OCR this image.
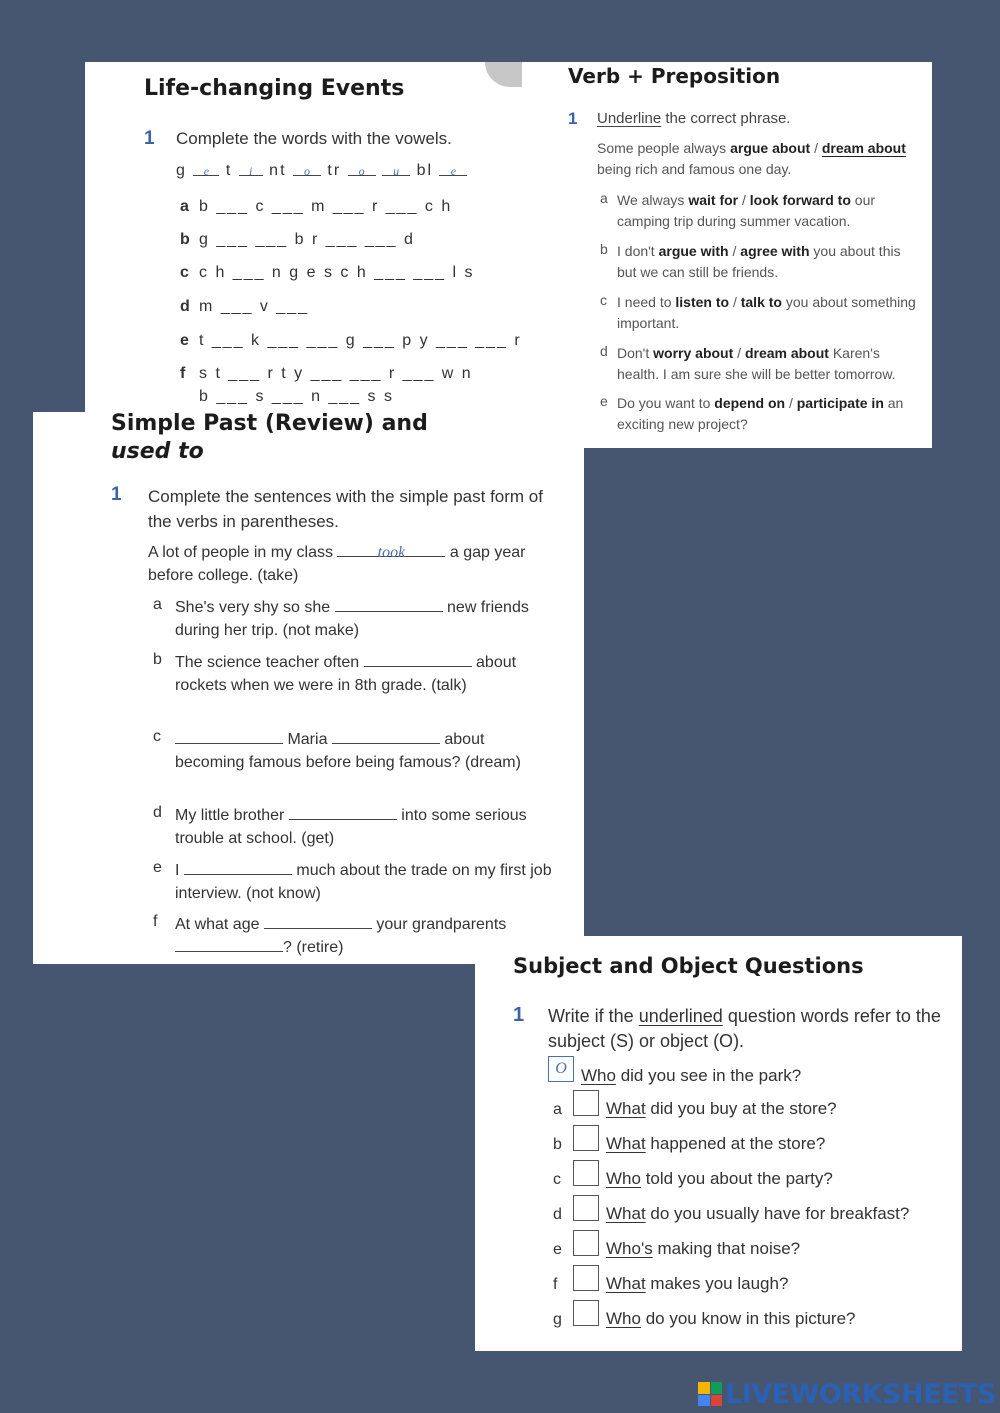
Life-changing Events
1 Complete the words with the vowels.
g e t i nt o tr o u bl e
a b ___ c ___ m ___ r ___ c h
b g ___ ___ b r ___ ___ d
c c h ___ n g e s c h ___ ___ l s
d m ___ v ___
e t ___ k ___ ___ g ___ p y ___ ___ r
f s t ___ r t y ___ ___ r ___ w n
b ___ s ___ n ___ s s
Verb + Preposition
1 Underline the correct phrase.
Some people always argue about / dream about being rich and famous one day.
a We always wait for / look forward to our camping trip during summer vacation.
b I don't argue with / agree with you about this but we can still be friends.
c I need to listen to / talk to you about something important.
d Don't worry about / dream about Karen's health. I am sure she will be better tomorrow.
e Do you want to depend on / participate in an exciting new project?
Simple Past (Review) and
used to
1 Complete the sentences with the simple past form of the verbs in parentheses.
A lot of people in my class	took	a gap year before college. (take)
a She's very shy so she	new friends during her trip. (not make)
b The science teacher often	about rockets when we were in 8th grade. (talk)
c	Maria	about becoming famous before being famous? (dream)
d My little brother	into some serious trouble at school. (get)
e I	much about the trade on my first job interview. (not know)
f At what age	your grandparents ? (retire)
Subject and Object Questions
1 Write if the underlined question words refer to the subject (S) or object (O).
O Who did you see in the park?
a	What did you buy at the store?
b	What happened at the store?
c	Who told you about the party?
d	What do you usually have for breakfast?
e	Who's making that noise?
f	What makes you laugh?
g	Who do you know in this picture?
LIVEWORKSHEETS
